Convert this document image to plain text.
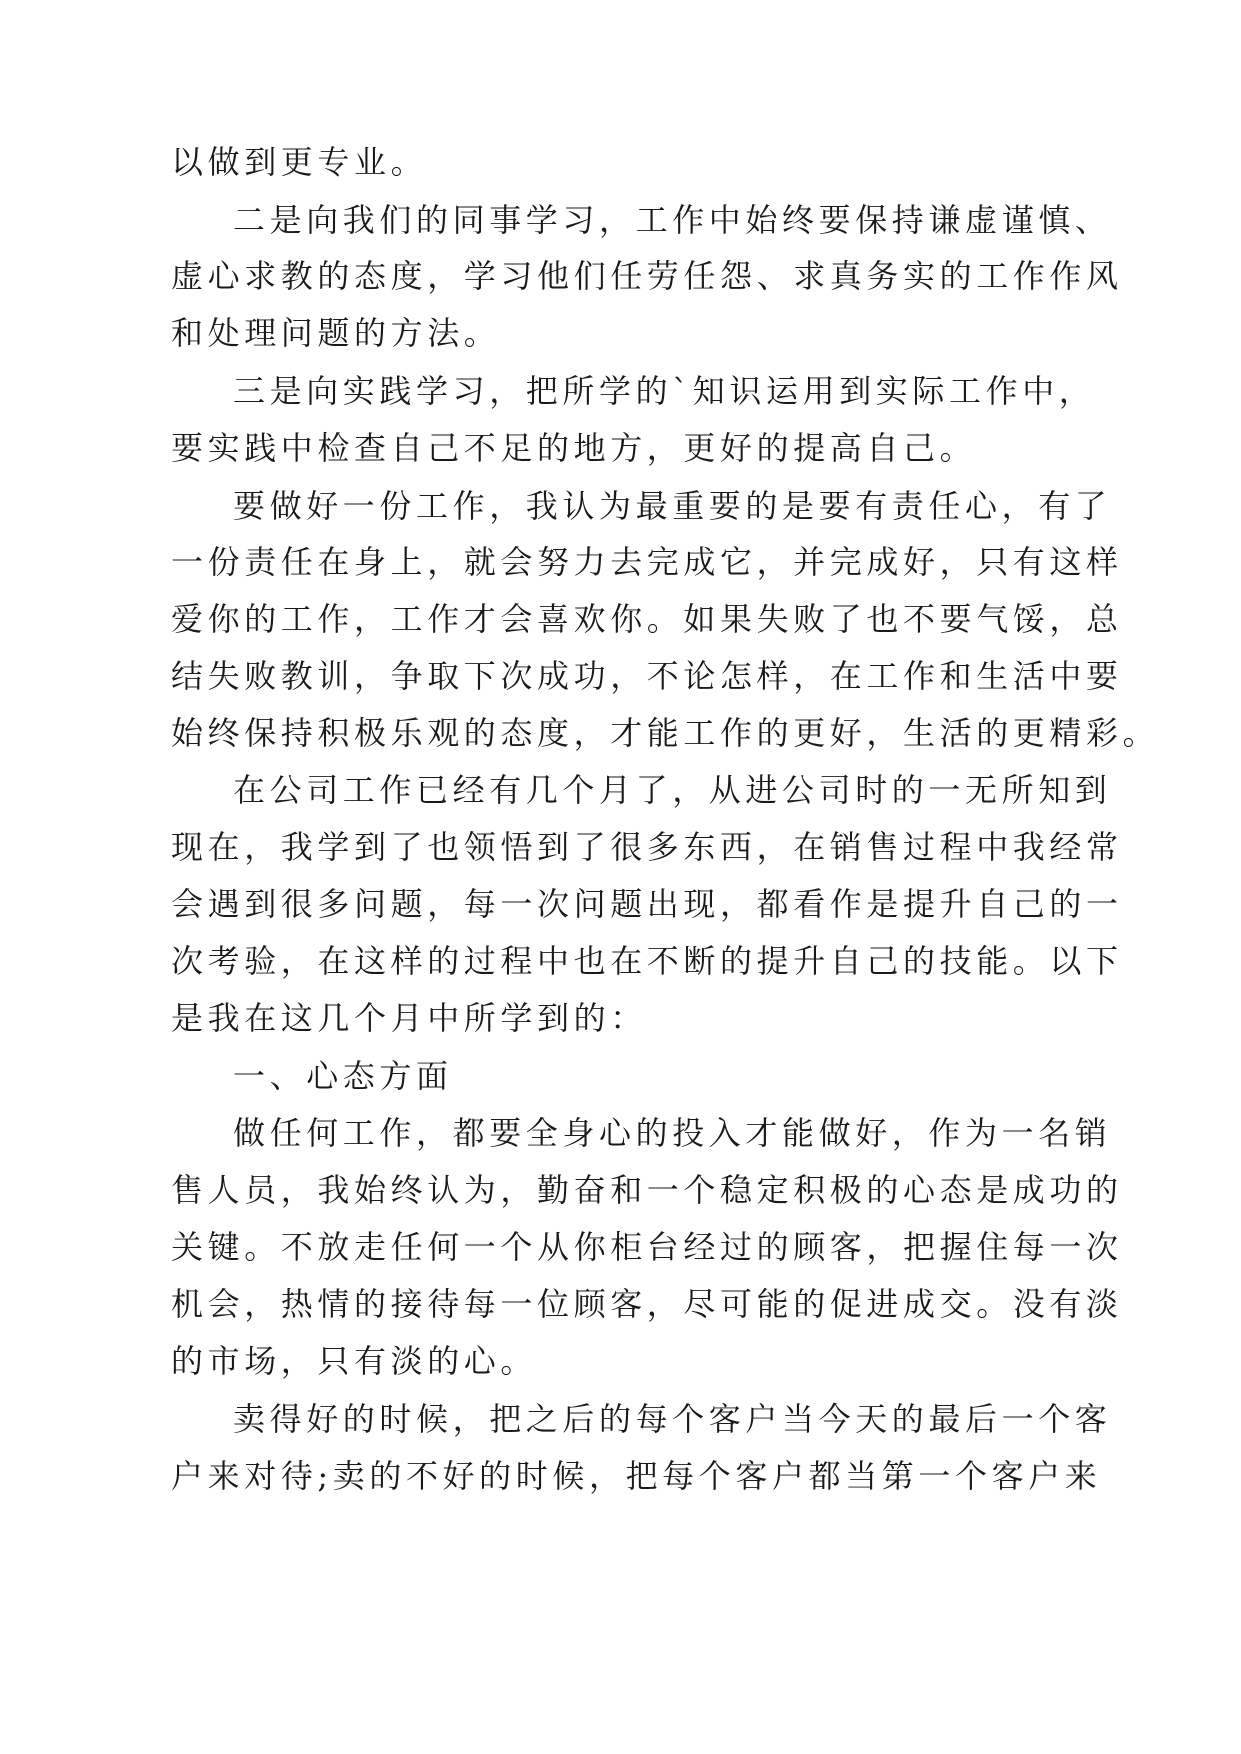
以做到更专业。
二是向我们的同事学习，工作中始终要保持谦虚谨慎、
虚心求教的态度，学习他们任劳任怨、求真务实的工作作风
和处理问题的方法。
三是向实践学习，把所学的`知识运用到实际工作中，
要实践中检查自己不足的地方，更好的提高自己。
要做好一份工作，我认为最重要的是要有责任心，有了
一份责任在身上，就会努力去完成它，并完成好，只有这样
爱你的工作，工作才会喜欢你。如果失败了也不要气馁，总
结失败教训，争取下次成功，不论怎样，在工作和生活中要
始终保持积极乐观的态度，才能工作的更好，生活的更精彩。
在公司工作已经有几个月了，从进公司时的一无所知到
现在，我学到了也领悟到了很多东西，在销售过程中我经常
会遇到很多问题，每一次问题出现，都看作是提升自己的一
次考验，在这样的过程中也在不断的提升自己的技能。以下
是我在这几个月中所学到的：
一、心态方面
做任何工作，都要全身心的投入才能做好，作为一名销
售人员，我始终认为，勤奋和一个稳定积极的心态是成功的
关键。不放走任何一个从你柜台经过的顾客，把握住每一次
机会，热情的接待每一位顾客，尽可能的促进成交。没有淡
的市场，只有淡的心。
卖得好的时候，把之后的每个客户当今天的最后一个客
户来对待;卖的不好的时候，把每个客户都当第一个客户来
